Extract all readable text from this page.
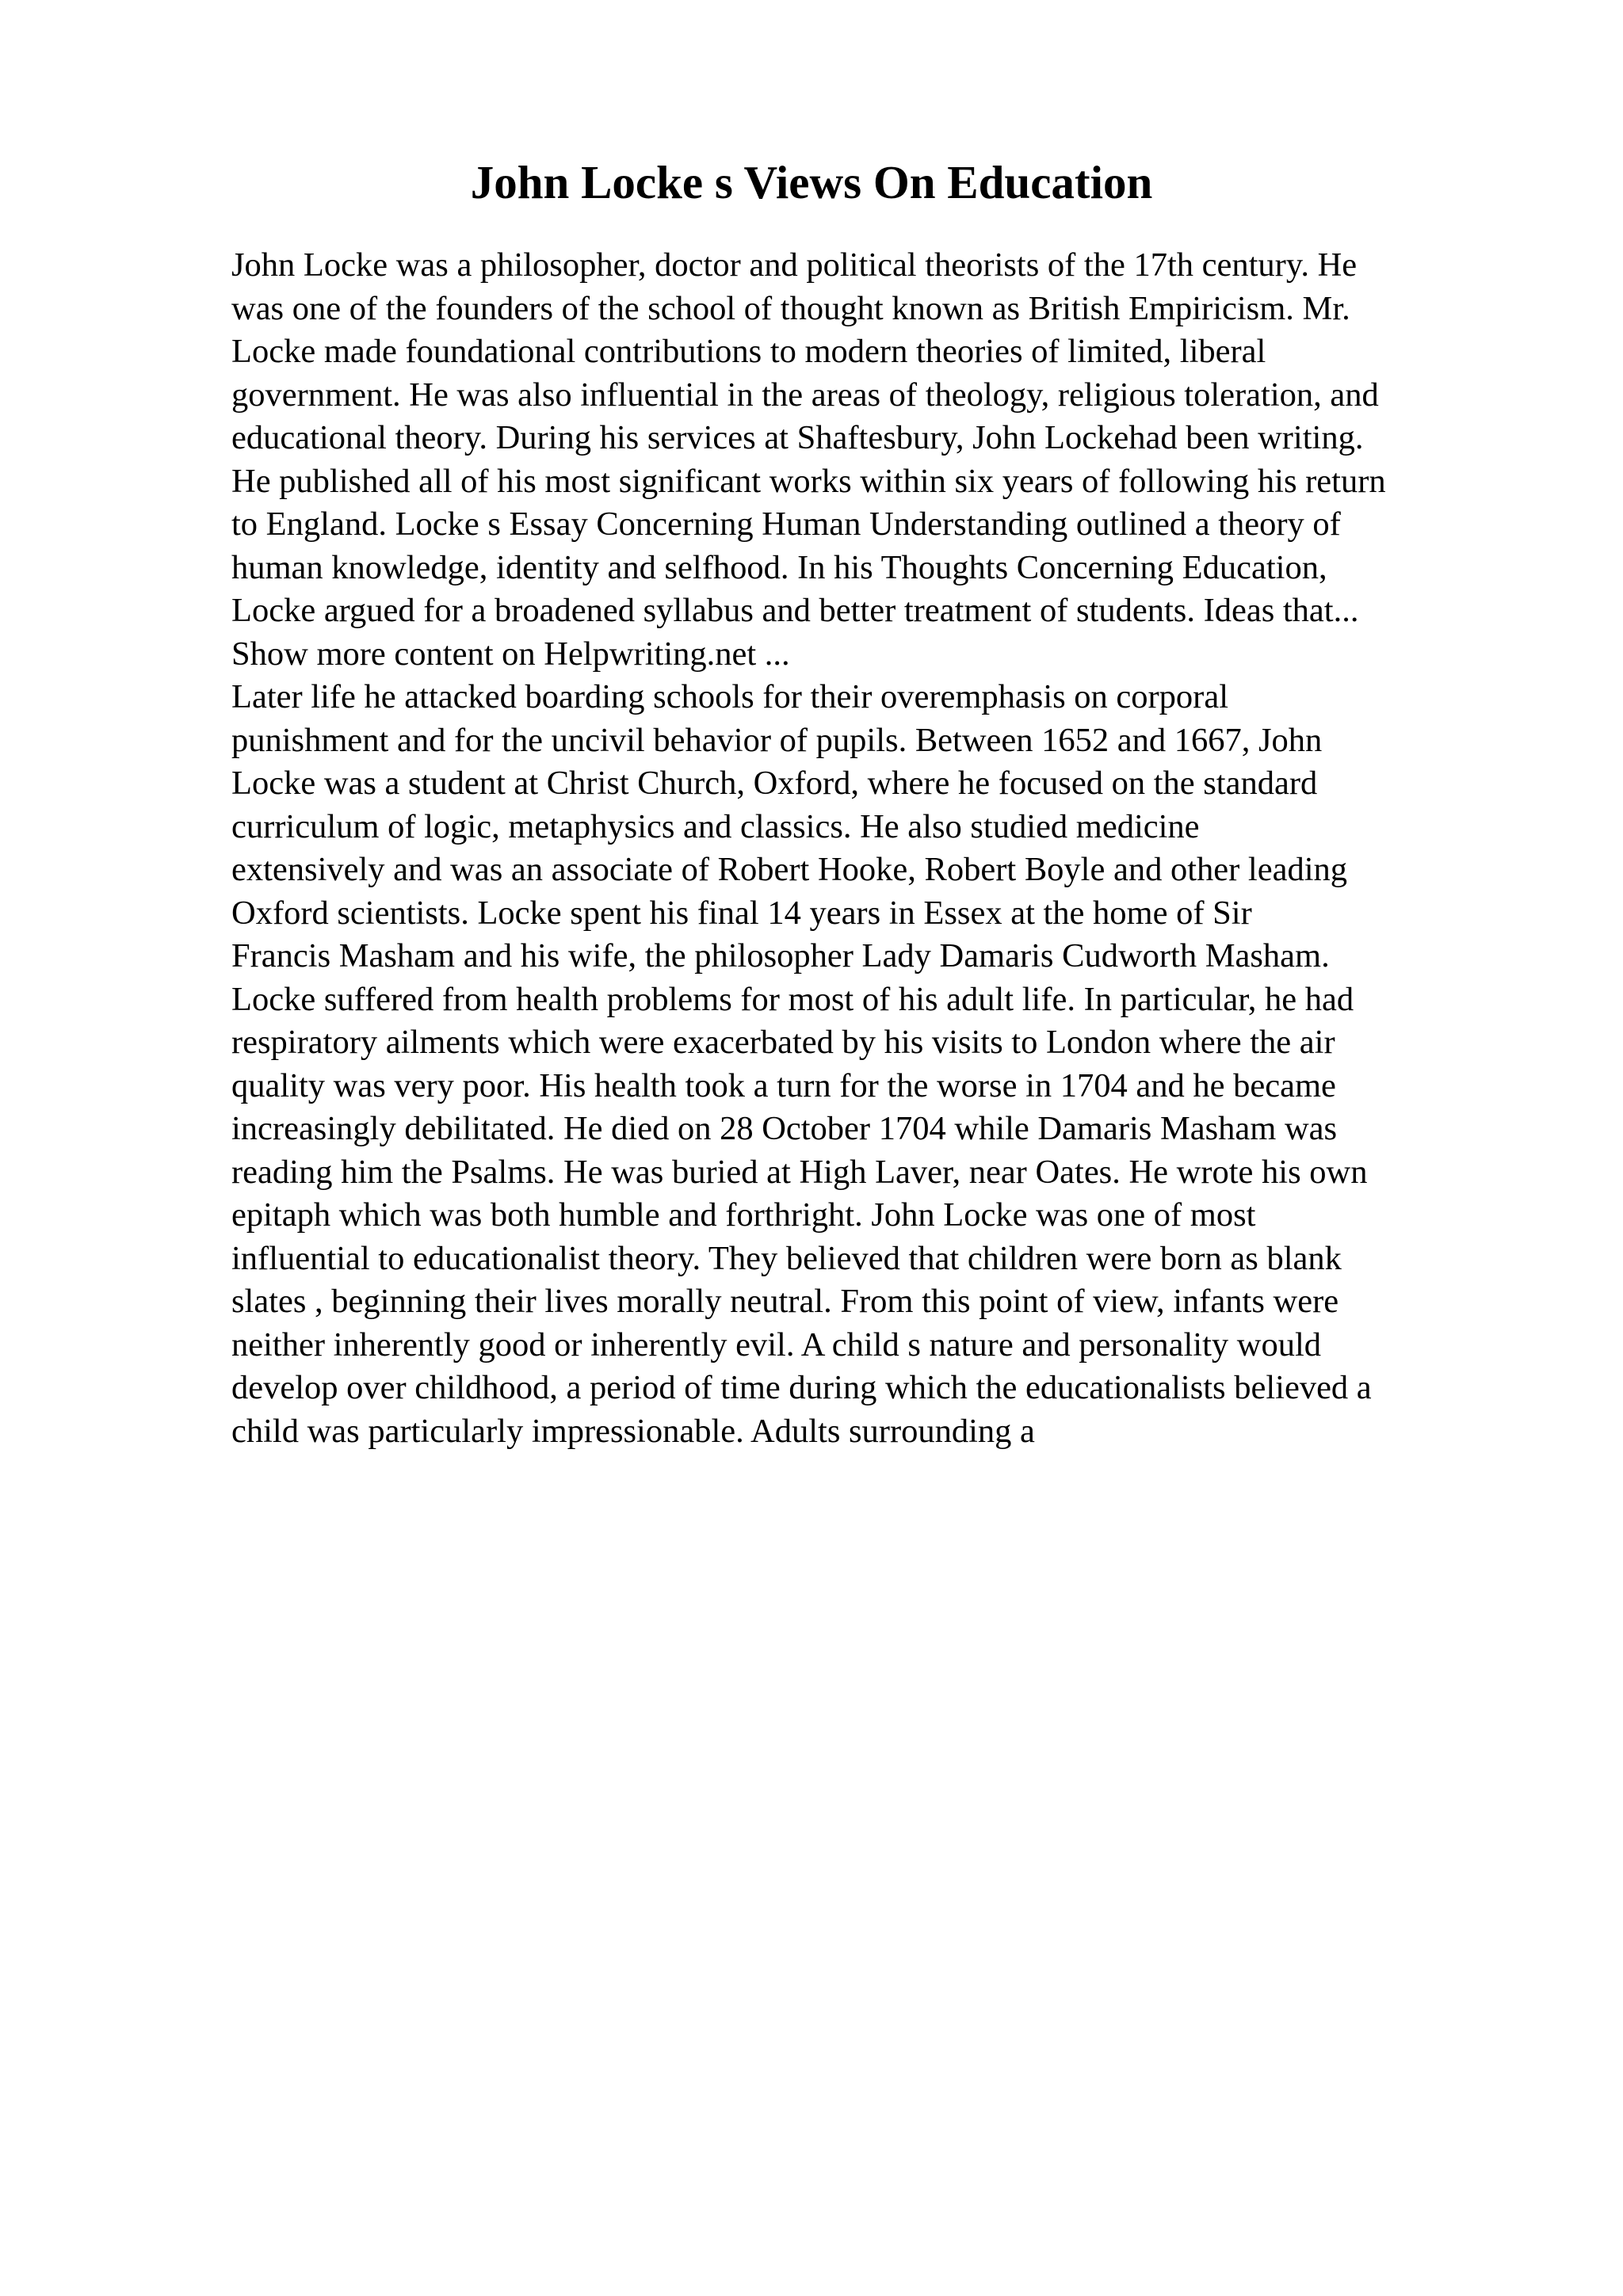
John Locke s Views On Education
John Locke was a philosopher, doctor and political theorists of the 17th century. He
was one of the founders of the school of thought known as British Empiricism. Mr.
Locke made foundational contributions to modern theories of limited, liberal
government. He was also influential in the areas of theology, religious toleration, and
educational theory. During his services at Shaftesbury, John Lockehad been writing.
He published all of his most significant works within six years of following his return
to England. Locke s Essay Concerning Human Understanding outlined a theory of
human knowledge, identity and selfhood. In his Thoughts Concerning Education,
Locke argued for a broadened syllabus and better treatment of students. Ideas that...
Show more content on Helpwriting.net ...
Later life he attacked boarding schools for their overemphasis on corporal
punishment and for the uncivil behavior of pupils. Between 1652 and 1667, John
Locke was a student at Christ Church, Oxford, where he focused on the standard
curriculum of logic, metaphysics and classics. He also studied medicine
extensively and was an associate of Robert Hooke, Robert Boyle and other leading
Oxford scientists. Locke spent his final 14 years in Essex at the home of Sir
Francis Masham and his wife, the philosopher Lady Damaris Cudworth Masham.
Locke suffered from health problems for most of his adult life. In particular, he had
respiratory ailments which were exacerbated by his visits to London where the air
quality was very poor. His health took a turn for the worse in 1704 and he became
increasingly debilitated. He died on 28 October 1704 while Damaris Masham was
reading him the Psalms. He was buried at High Laver, near Oates. He wrote his own
epitaph which was both humble and forthright. John Locke was one of most
influential to educationalist theory. They believed that children were born as blank
slates , beginning their lives morally neutral. From this point of view, infants were
neither inherently good or inherently evil. A child s nature and personality would
develop over childhood, a period of time during which the educationalists believed a
child was particularly impressionable. Adults surrounding a
